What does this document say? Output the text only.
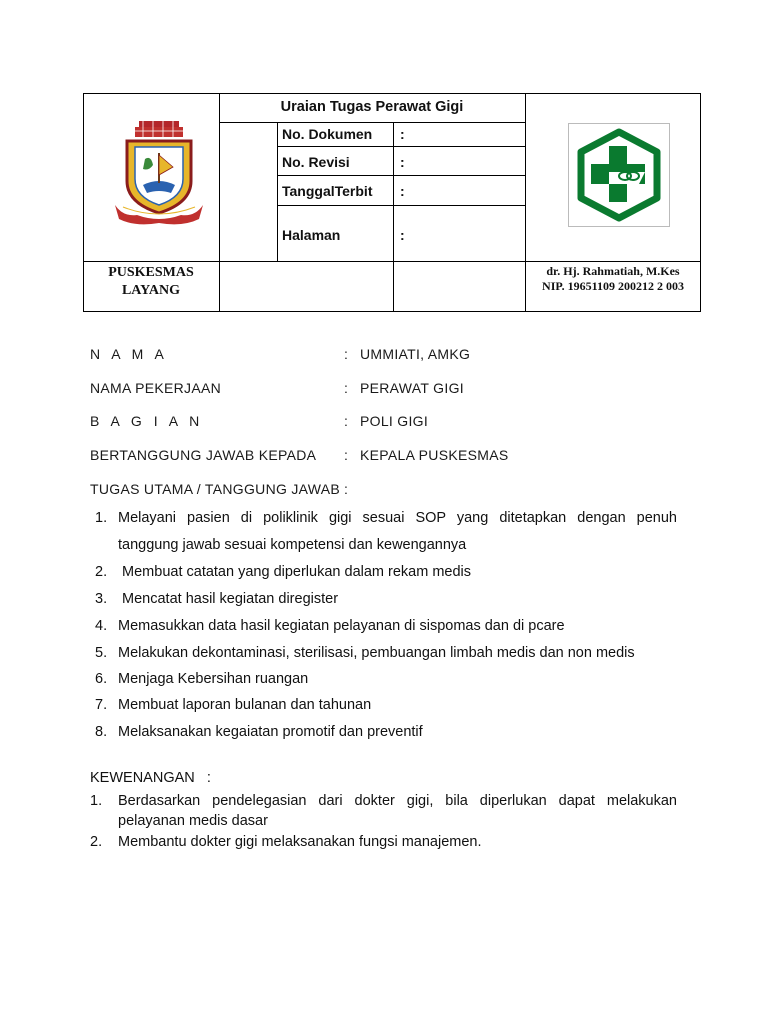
Uraian Tugas Perawat Gigi
No. Dokumen :
No. Revisi	:
TanggalTerbit :
Halaman	:
PUSKESMAS
LAYANG
dr. Hj. Rahmatiah, M.Kes
NIP. 19651109 200212 2 003
N A M A	: UMMIATI, AMKG
NAMA PEKERJAAN	: PERAWAT GIGI
B A G I A N	: POLI GIGI
BERTANGGUNG JAWAB KEPADA : KEPALA PUSKESMAS
TUGAS UTAMA / TANGGUNG JAWAB :
1. Melayani pasien di poliklinik gigi sesuai SOP yang ditetapkan dengan penuh
tanggung jawab sesuai kompetensi dan kewengannya
2. Membuat catatan yang diperlukan dalam rekam medis
3. Mencatat hasil kegiatan diregister
4. Memasukkan data hasil kegiatan pelayanan di sispomas dan di pcare
5. Melakukan dekontaminasi, sterilisasi, pembuangan limbah medis dan non medis
6. Menjaga Kebersihan ruangan
7. Membuat laporan bulanan dan tahunan
8. Melaksanakan kegaiatan promotif dan preventif
KEWENANGAN   :
1. Berdasarkan pendelegasian dari dokter gigi, bila diperlukan dapat melakukan
pelayanan medis dasar
2. Membantu dokter gigi melaksanakan fungsi manajemen.
